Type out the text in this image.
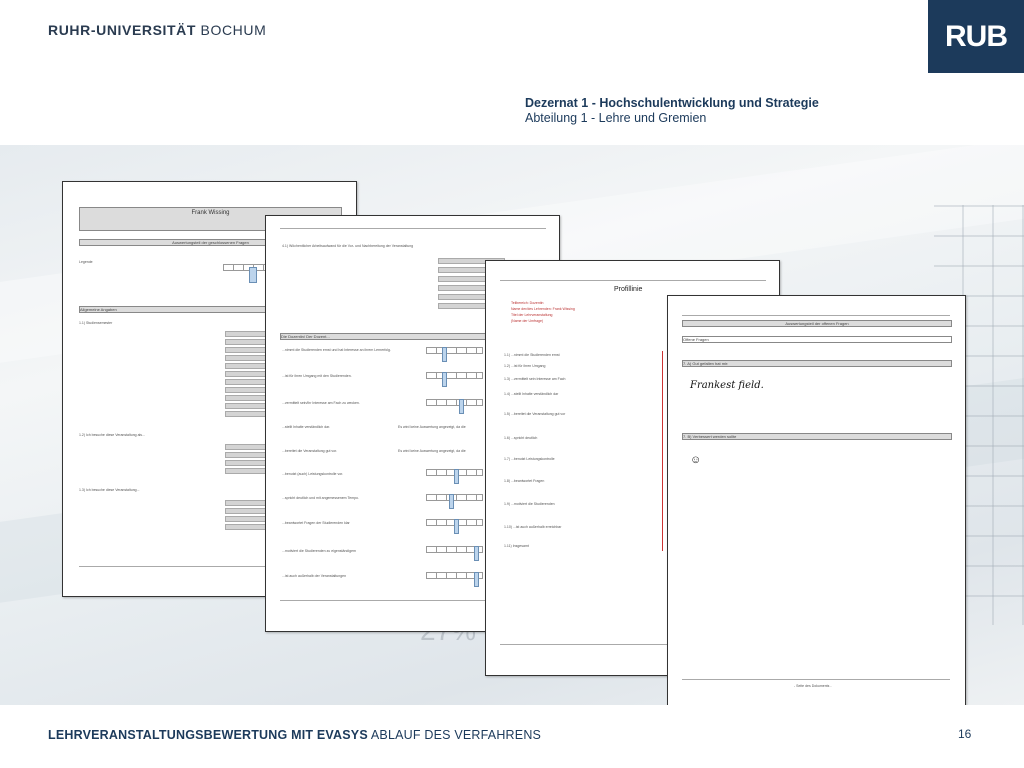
RUHR-UNIVERSITÄT BOCHUM	RUB
Dezernat 1 - Hochschulentwicklung und Strategie
Abteilung 1 - Lehre und Gremien
Frank Wissing
Auswertungsteil der geschlossenen Fragen
Legende
Allgemeine Angaben
1.1) Studiensemester
1.2) Ich besuche diese Veranstaltung als...
1.3) Ich besuche diese Veranstaltung...
4.1) Wöchentlicher Arbeitsaufwand für die Vor- und Nachbereitung der Veranstaltung
Die Dozentin/ Der Dozent...
...nimmt die Studierenden ernst und hat Interesse an ihrem Lernerfolg.
...ist für ihren Umgang mit den Studierenden.
...vermittelt sein/ihr Interesse am Fach zu wecken.
...stellt Inhalte verständlich dar.	Es wird keine Auswertung angezeigt, da die
...bereitet die Veranstaltung gut vor.	Es wird keine Auswertung angezeigt, da die
...benutzt (auch) Leistungskontrolle vor.
...spricht deutlich und mit angemessenem Tempo.
...beantwortet Fragen der Studierenden klar
...motiviert die Studierenden zu eigenständigem
...ist auch außerhalb der Veranstaltungen
Profillinie
Teilbereich: Dozentin
Name der/des Lehrenden: Frank Wissing
Titel der Lehrveranstaltung
(Name der Umfrage)
1.1) ...nimmt die Studierenden ernst
1.2) ...ist für ihren Umgang
1.3) ...vermittelt sein Interesse am Fach
1.4) ...stellt Inhalte verständlich dar
1.5) ...bereitet die Veranstaltung gut vor
1.6) ...spricht deutlich
1.7) ...benutzt Leistungskontrolle
1.8) ...beantwortet Fragen
1.9) ...motiviert die Studierenden
1.10) ...ist auch außerhalb erreichbar
1.11) Insgesamt
Auswertungsteil der offenen Fragen
Offene Fragen
7. A) Gut gefallen hat mir:
Frankest field.
7. B) Verbessert werden sollte
☺
- Seite des Dokuments -
LEHRVERANSTALTUNGSBEWERTUNG MIT EVASYS ABLAUF DES VERFAHRENS	16
